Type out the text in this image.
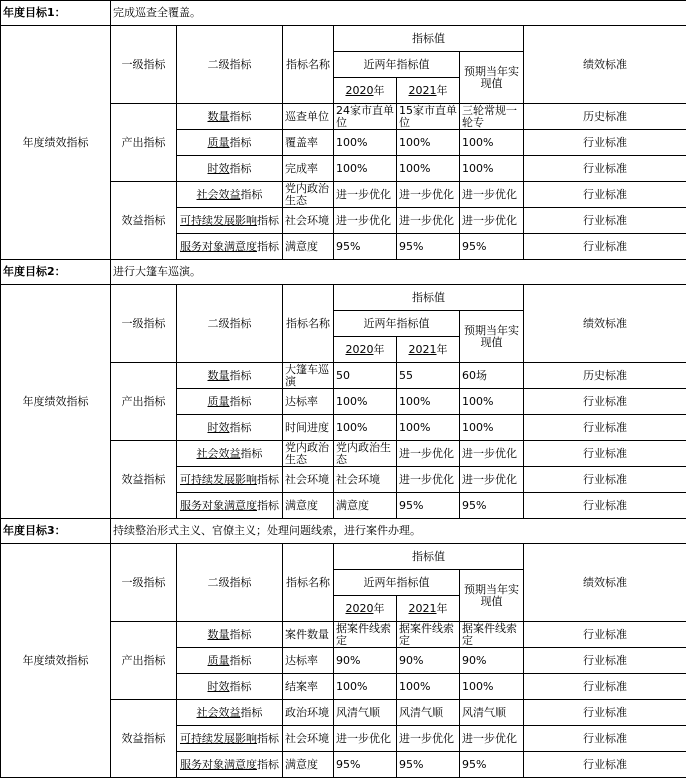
年度目标1：	完成巡查全覆盖。						
年度绩效指标	一级指标	二级指标	指标名称	指标值			绩效标准
				近两年指标值		预期当年实现值	
				2020年	2021年		
	产出指标	数量指标	巡查单位	24家市直单位	15家市直单位	三轮常规一轮专	历史标准

		质量指标	覆盖率	100%	100%	100%	行业标准

		时效指标	完成率	100%	100%	100%	行业标准
	效益指标	社会效益指标	党内政治生态	进一步优化	进一步优化	进一步优化	行业标准

		可持续发展影响指标	社会环境	进一步优化	进一步优化	进一步优化	行业标准

		服务对象满意度指标	满意度	95%	95%	95%	行业标准
年度目标2：	进行大篷车巡演。						
年度绩效指标	一级指标	二级指标	指标名称	指标值			绩效标准
				近两年指标值		预期当年实现值	
				2020年	2021年		
	产出指标	数量指标	大篷车巡演	50	55	60场	历史标准

		质量指标	达标率	100%	100%	100%	行业标准

		时效指标	时间进度	100%	100%	100%	行业标准
	效益指标	社会效益指标	党内政治生态	党内政治生态	进一步优化	进一步优化	行业标准

		可持续发展影响指标	社会环境	社会环境	进一步优化	进一步优化	行业标准

		服务对象满意度指标	满意度	满意度	95%	95%	行业标准
年度目标3：	持续整治形式主义、官僚主义；处理问题线索，进行案件办理。						
年度绩效指标	一级指标	二级指标	指标名称	指标值			绩效标准
				近两年指标值		预期当年实现值	
				2020年	2021年		
	产出指标	数量指标	案件数量	据案件线索定	据案件线索定	据案件线索定	行业标准

		质量指标	达标率	90%	90%	90%	行业标准

		时效指标	结案率	100%	100%	100%	行业标准
	效益指标	社会效益指标	政治环境	风清气顺	风清气顺	风清气顺	行业标准

		可持续发展影响指标	社会环境	进一步优化	进一步优化	进一步优化	行业标准

		服务对象满意度指标	满意度	95%	95%	95%	行业标准
